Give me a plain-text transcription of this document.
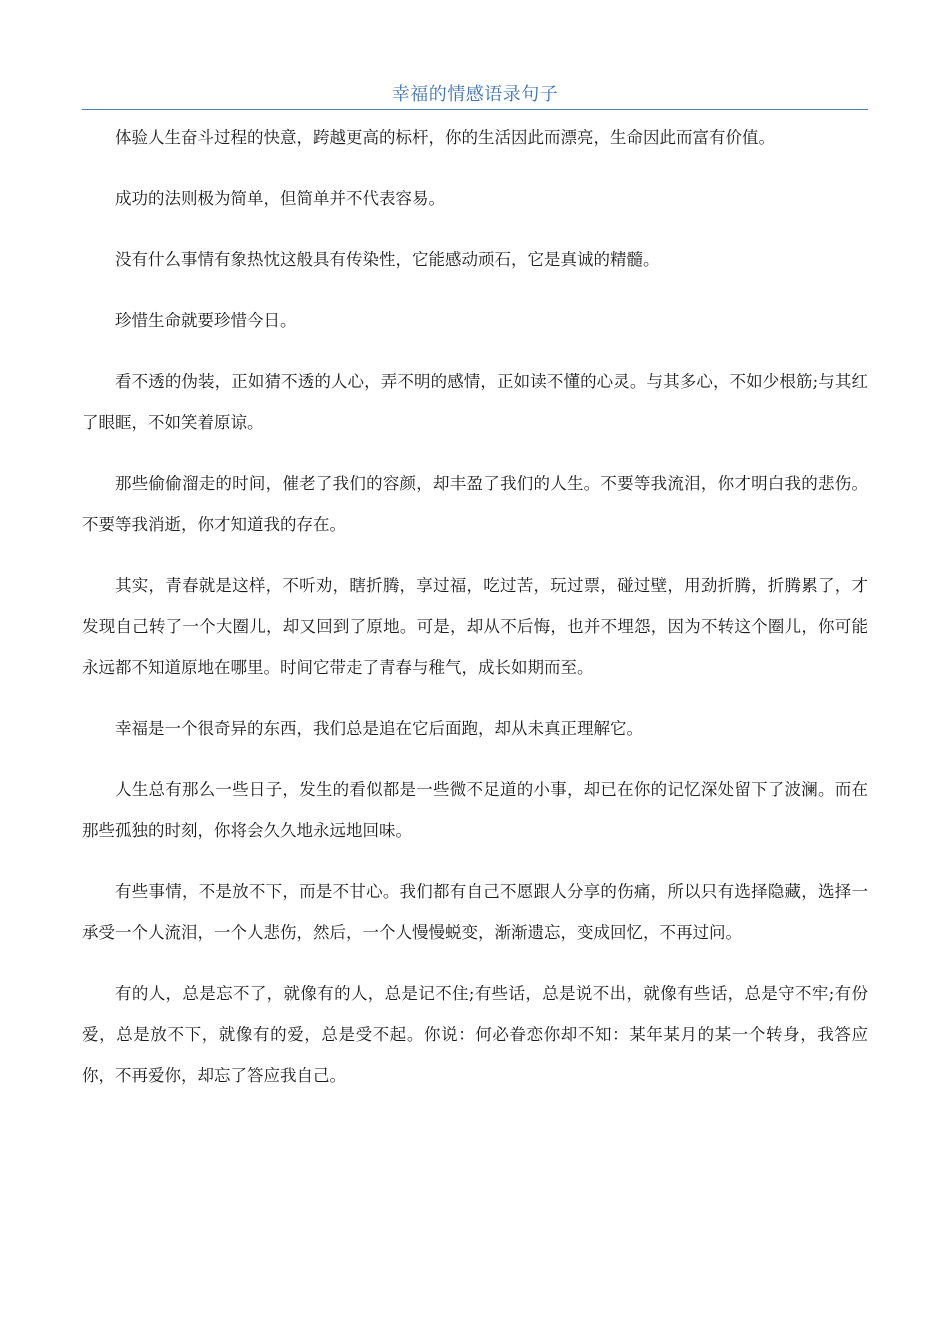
幸福的情感语录句子

体验人生奋斗过程的快意，跨越更高的标杆，你的生活因此而漂亮，生命因此而富有价值。

成功的法则极为简单，但简单并不代表容易。

没有什么事情有象热忱这般具有传染性，它能感动顽石，它是真诚的精髓。

珍惜生命就要珍惜今日。

看不透的伪装，正如猜不透的人心，弄不明的感情，正如读不懂的心灵。与其多心，不如少根筋;与其红了眼眶，不如笑着原谅。

那些偷偷溜走的时间，催老了我们的容颜，却丰盈了我们的人生。不要等我流泪，你才明白我的悲伤。不要等我消逝，你才知道我的存在。

其实，青春就是这样，不听劝，瞎折腾，享过福，吃过苦，玩过票，碰过壁，用劲折腾，折腾累了，才发现自己转了一个大圈儿，却又回到了原地。可是，却从不后悔，也并不埋怨，因为不转这个圈儿，你可能永远都不知道原地在哪里。时间它带走了青春与稚气，成长如期而至。

幸福是一个很奇异的东西，我们总是追在它后面跑，却从未真正理解它。

人生总有那么一些日子，发生的看似都是一些微不足道的小事，却已在你的记忆深处留下了波澜。而在那些孤独的时刻，你将会久久地永远地回味。

有些事情，不是放不下，而是不甘心。我们都有自己不愿跟人分享的伤痛，所以只有选择隐藏，选择一承受一个人流泪，一个人悲伤，然后，一个人慢慢蜕变，渐渐遗忘，变成回忆，不再过问。

有的人，总是忘不了，就像有的人，总是记不住;有些话，总是说不出，就像有些话，总是守不牢;有份爱，总是放不下，就像有的爱，总是受不起。你说：何必眷恋你却不知：某年某月的某一个转身，我答应你，不再爱你，却忘了答应我自己。
